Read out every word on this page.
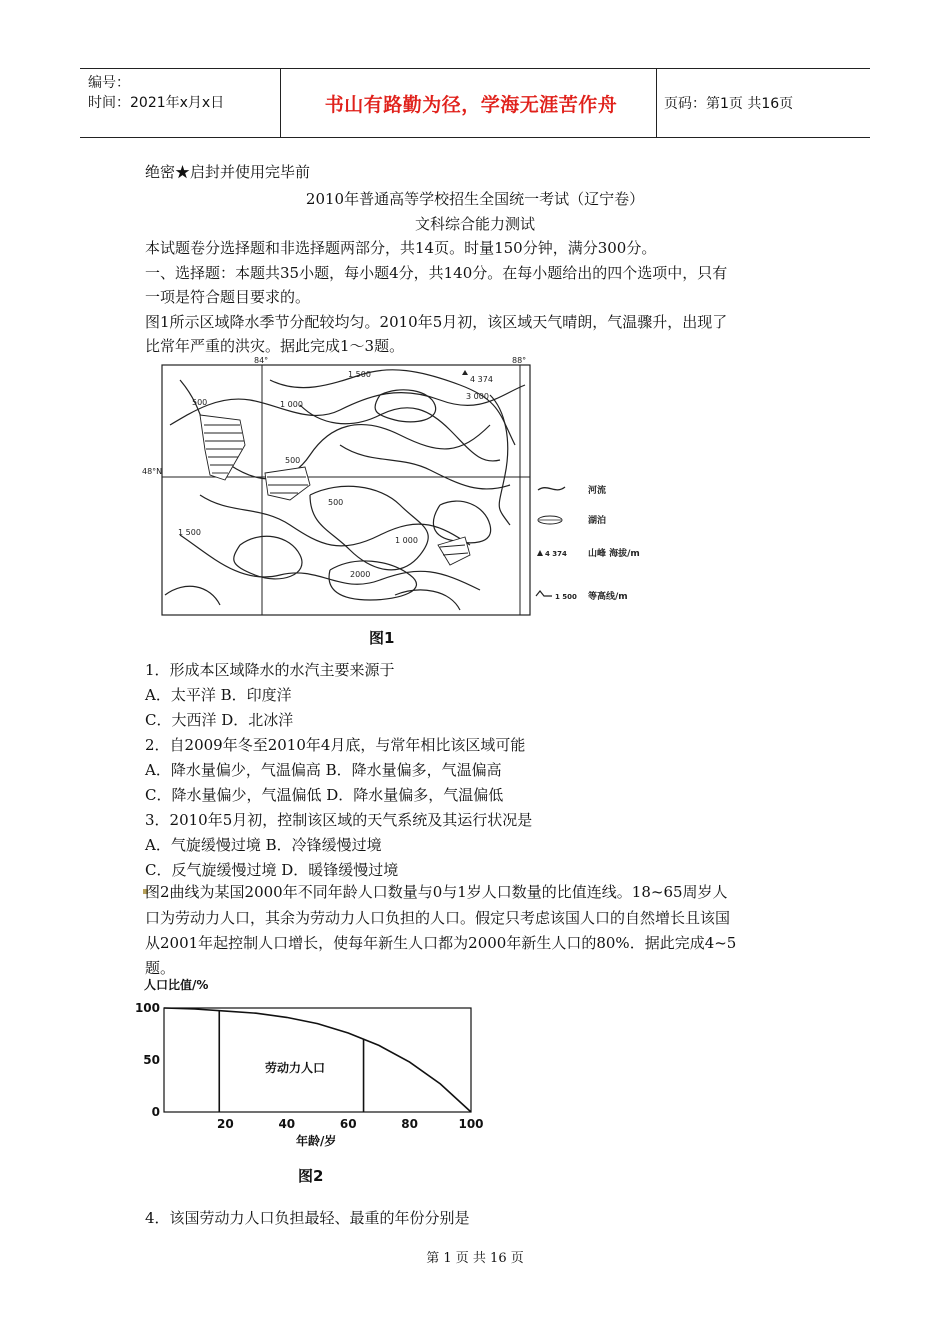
编号：
时间：2021年x月x日	书山有路勤为径，学海无涯苦作舟	页码：第1页 共16页
绝密★启封并使用完毕前
2010年普通高等学校招生全国统一考试（辽宁卷）
文科综合能力测试
本试题卷分选择题和非选择题两部分，共14页。时量150分钟，满分300分。
一、选择题：本题共35小题，每小题4分，共140分。在每小题给出的四个选项中，只有
一项是符合题目要求的。
图1所示区域降水季节分配较均匀。2010年5月初，该区域天气晴朗，气温骤升，出现了
比常年严重的洪灾。据此完成1～3题。
84°	88°
48°N
500	1 000
1 500
500
1 500
500
1 000
2000
3 000
4 374
河流
湖泊
4 374 山峰 海拔/m
1 500 等高线/m
图1
1．形成本区域降水的水汽主要来源于
A．太平洋 B．印度洋
C．大西洋 D．北冰洋
2．自2009年冬至2010年4月底，与常年相比该区域可能
A．降水量偏少，气温偏高 B．降水量偏多，气温偏高
C．降水量偏少，气温偏低 D．降水量偏多，气温偏低
3．2010年5月初，控制该区域的天气系统及其运行状况是
A．气旋缓慢过境 B．冷锋缓慢过境
C．反气旋缓慢过境 D．暖锋缓慢过境
图2曲线为某国2000年不同年龄人口数量与0与1岁人口数量的比值连线。18~65周岁人
口为劳动力人口，其余为劳动力人口负担的人口。假定只考虑该国人口的自然增长且该国
从2001年起控制人口增长，使每年新生人口都为2000年新生人口的80%．据此完成4~5
题。
人口比值/%
20	40	60	80	100
0
50
100
劳动力人口
年龄/岁
图2
4．该国劳动力人口负担最轻、最重的年份分别是
第 1 页 共 16 页
